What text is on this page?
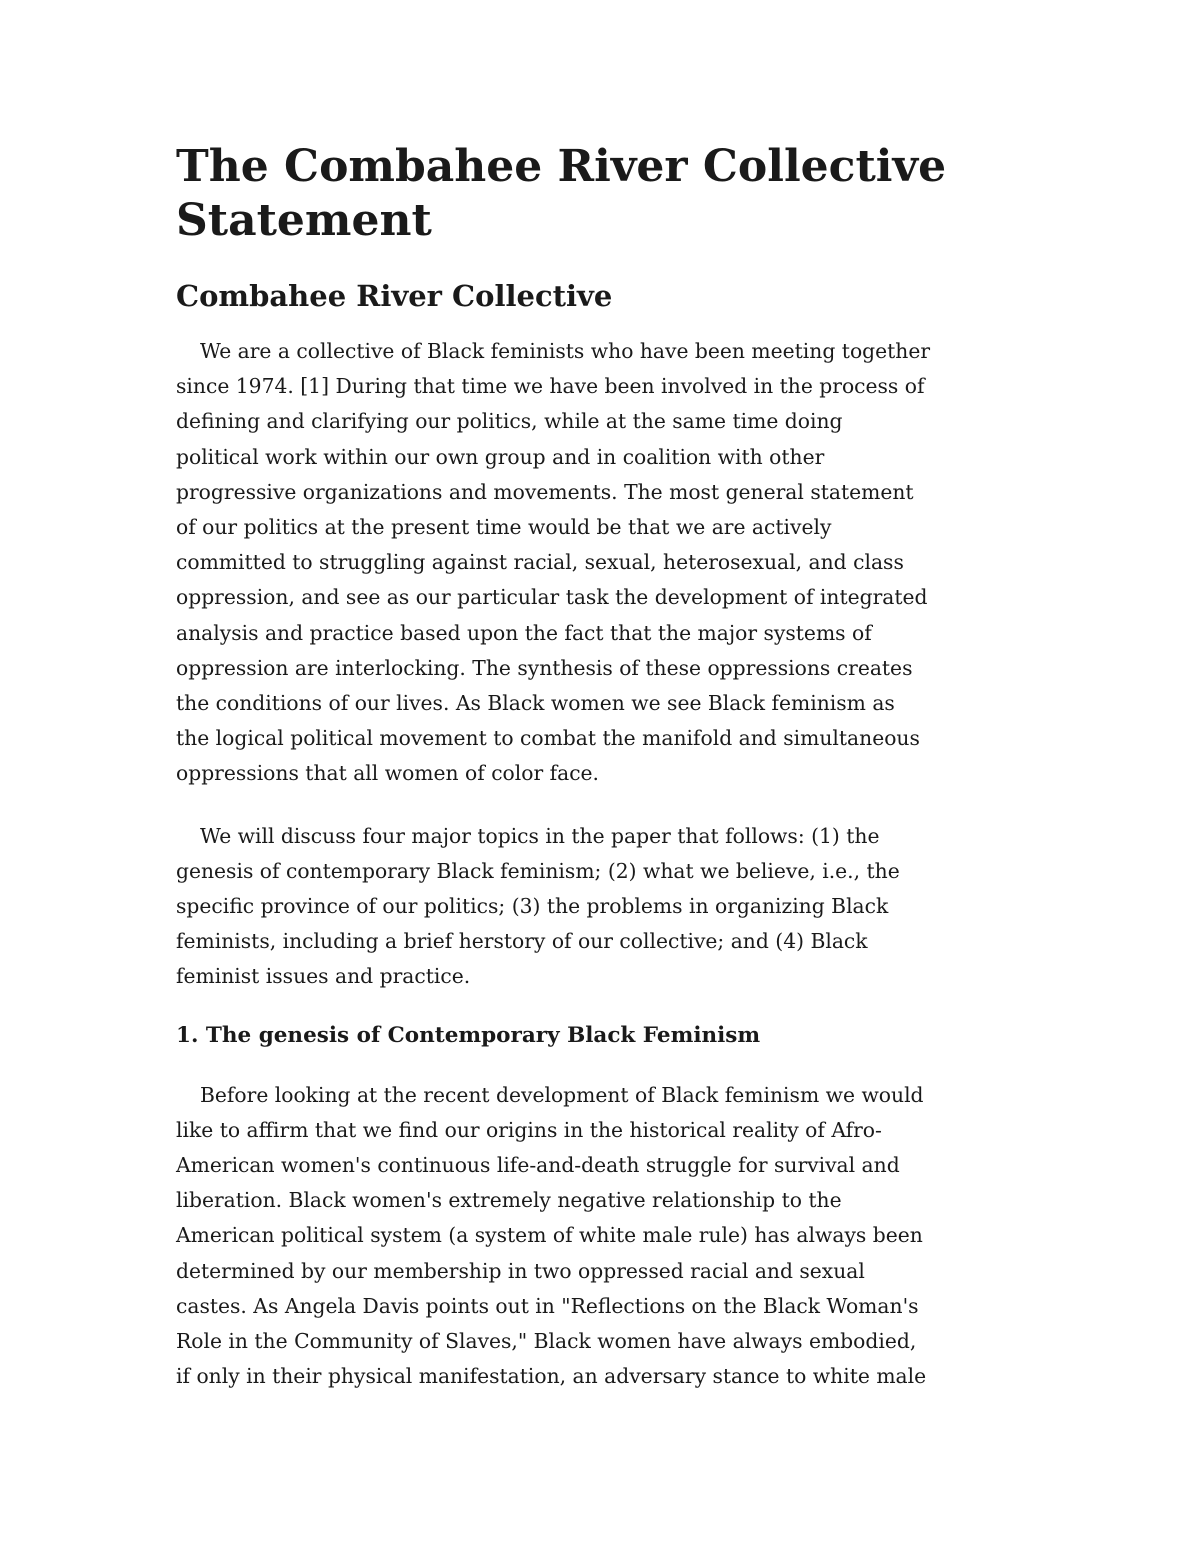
The Combahee River Collective
Statement
Combahee River Collective
We are a collective of Black feminists who have been meeting together
since 1974. [1] During that time we have been involved in the process of
defining and clarifying our politics, while at the same time doing
political work within our own group and in coalition with other
progressive organizations and movements. The most general statement
of our politics at the present time would be that we are actively
committed to struggling against racial, sexual, heterosexual, and class
oppression, and see as our particular task the development of integrated
analysis and practice based upon the fact that the major systems of
oppression are interlocking. The synthesis of these oppressions creates
the conditions of our lives. As Black women we see Black feminism as
the logical political movement to combat the manifold and simultaneous
oppressions that all women of color face.
We will discuss four major topics in the paper that follows: (1) the
genesis of contemporary Black feminism; (2) what we believe, i.e., the
specific province of our politics; (3) the problems in organizing Black
feminists, including a brief herstory of our collective; and (4) Black
feminist issues and practice.
1. The genesis of Contemporary Black Feminism
Before looking at the recent development of Black feminism we would
like to affirm that we find our origins in the historical reality of Afro-
American women's continuous life-and-death struggle for survival and
liberation. Black women's extremely negative relationship to the
American political system (a system of white male rule) has always been
determined by our membership in two oppressed racial and sexual
castes. As Angela Davis points out in "Reflections on the Black Woman's
Role in the Community of Slaves," Black women have always embodied,
if only in their physical manifestation, an adversary stance to white male
